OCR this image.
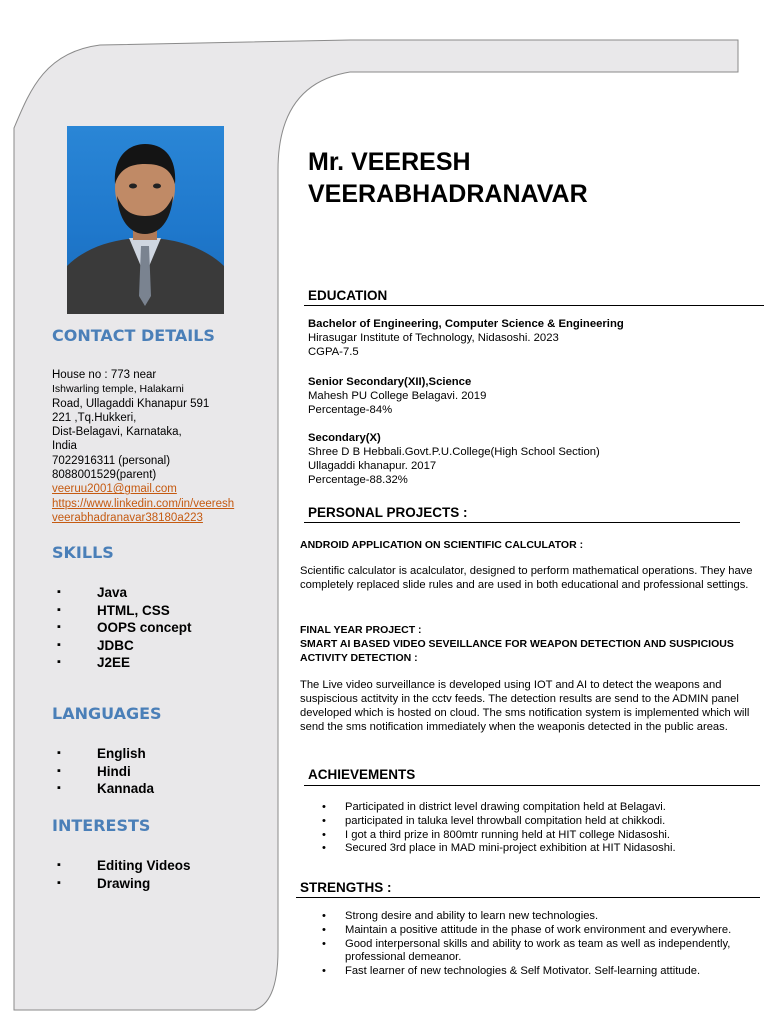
CONTACT DETAILS
House no : 773 near
Ishwarling temple, Halakarni
Road, Ullagaddi Khanapur 591
221 ,Tq.Hukkeri,
Dist-Belagavi, Karnataka,
India
7022916311 (personal)
8088001529(parent)
veeruu2001@gmail.com
https://www.linkedin.com/in/veeresh
veerabhadranavar38180a223
SKILLS
▪ Java
▪ HTML, CSS
▪ OOPS concept
▪ JDBC
▪ J2EE
LANGUAGES
▪ English
▪ Hindi
▪ Kannada
INTERESTS
▪ Editing Videos
▪ Drawing
Mr. VEERESH
VEERABHADRANAVAR
EDUCATION
Bachelor of Engineering, Computer Science & Engineering
Hirasugar Institute of Technology, Nidasoshi. 2023
CGPA-7.5
Senior Secondary(XII),Science
Mahesh PU College Belagavi. 2019
Percentage-84%
Secondary(X)
Shree D B Hebbali.Govt.P.U.College(High School Section)
Ullagaddi khanapur. 2017
Percentage-88.32%
PERSONAL PROJECTS :
ANDROID APPLICATION ON SCIENTIFIC CALCULATOR :
Scientific calculator is acalculator, designed to perform mathematical operations. They have completely replaced slide rules and are used in both educational and professional settings.
FINAL YEAR PROJECT :
SMART AI BASED VIDEO SEVEILLANCE FOR WEAPON DETECTION AND SUSPICIOUS ACTIVITY DETECTION :
The Live video surveillance is developed using IOT and AI to detect the weapons and suspiscious actitvity in the cctv feeds. The detection results are send to the ADMIN panel developed which is hosted on cloud. The sms notification system is implemented which will send the sms notification immediately when the weaponis detected in the public areas.
ACHIEVEMENTS
• Participated in district level drawing compitation held at Belagavi.
• participated in taluka level throwball compitation held at chikkodi.
• I got a third prize in 800mtr running held at HIT college Nidasoshi.
• Secured 3rd place in MAD mini-project exhibition at HIT Nidasoshi.
STRENGTHS :
• Strong desire and ability to learn new technologies.
• Maintain a positive attitude in the phase of work environment and everywhere.
• Good interpersonal skills and ability to work as team as well as independently, professional demeanor.
• Fast learner of new technologies & Self Motivator. Self-learning attitude.
